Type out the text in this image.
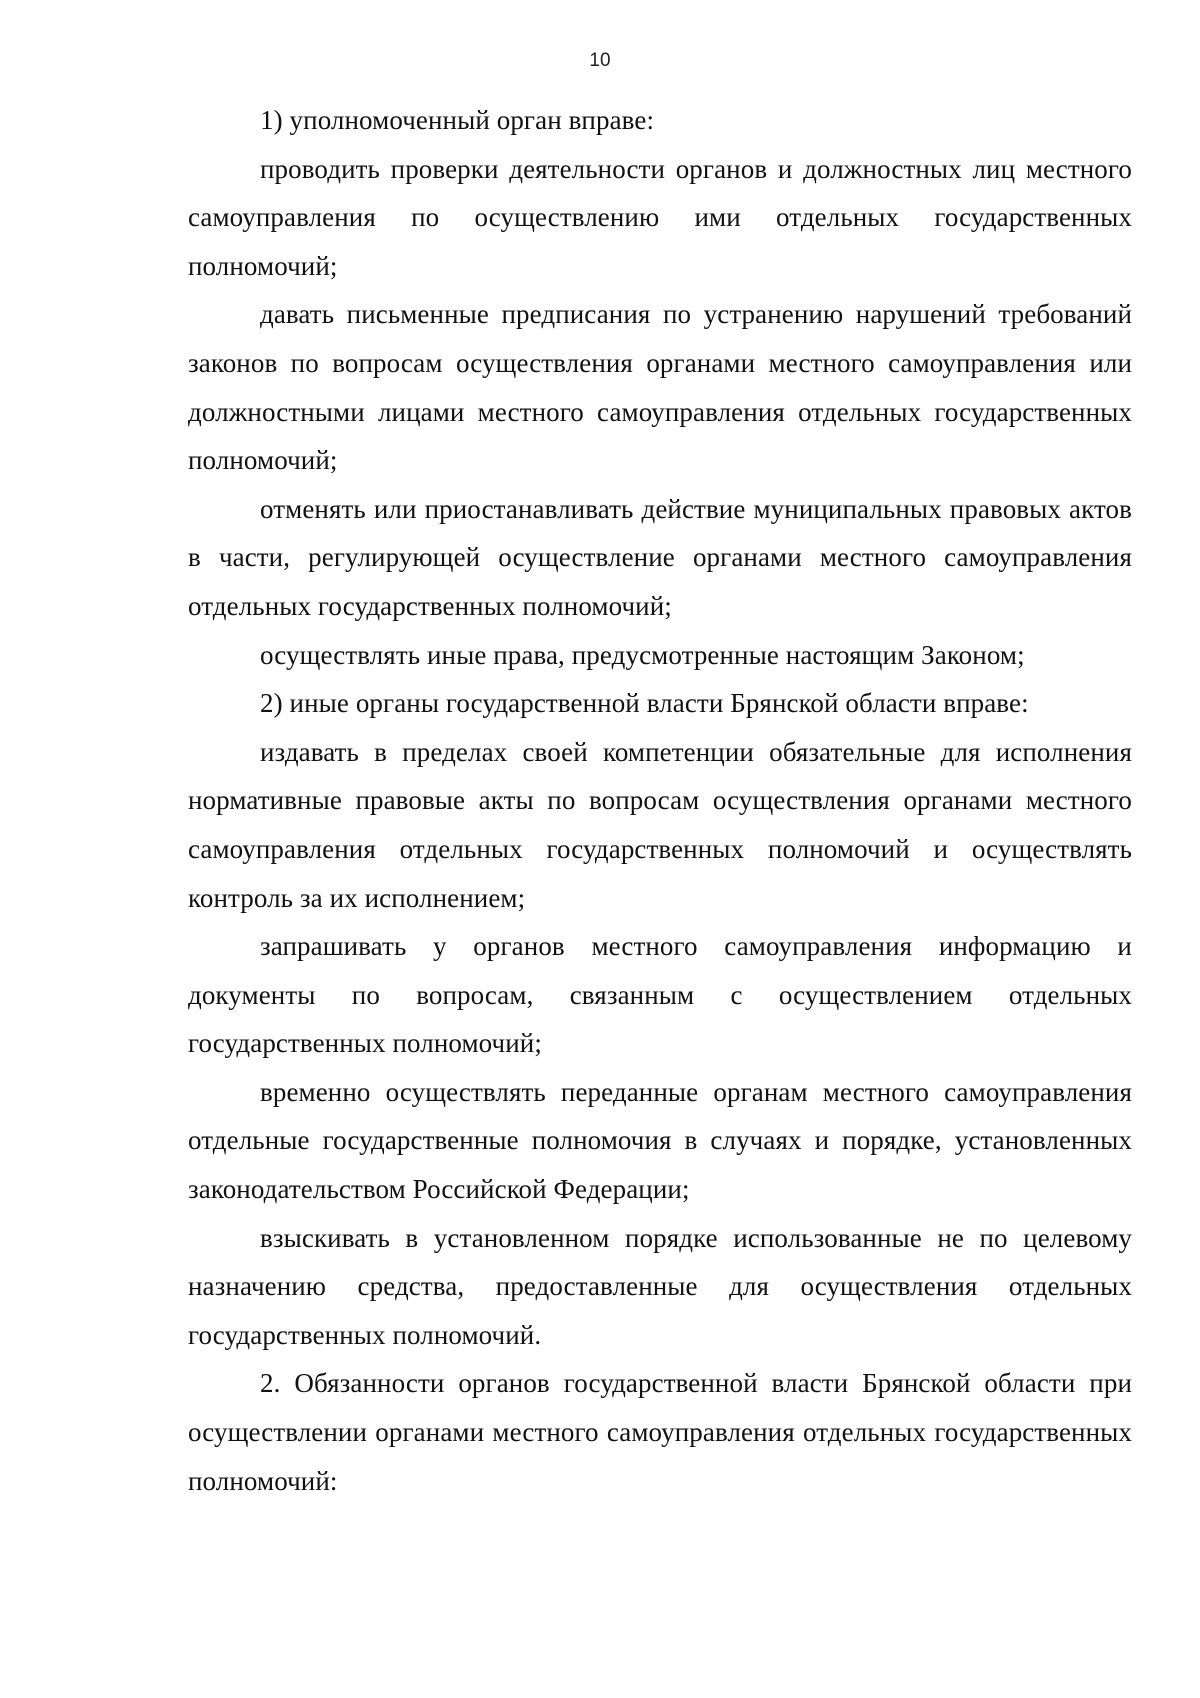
10

1) уполномоченный орган вправе:

проводить проверки деятельности органов и должностных лиц местного самоуправления по осуществлению ими отдельных государственных полномочий;

давать письменные предписания по устранению нарушений требований законов по вопросам осуществления органами местного самоуправления или должностными лицами местного самоуправления отдельных государственных полномочий;

отменять или приостанавливать действие муниципальных правовых актов в части, регулирующей осуществление органами местного самоуправления отдельных государственных полномочий;

осуществлять иные права, предусмотренные настоящим Законом;

2) иные органы государственной власти Брянской области вправе:

издавать в пределах своей компетенции обязательные для исполнения нормативные правовые акты по вопросам осуществления органами местного самоуправления отдельных государственных полномочий и осуществлять контроль за их исполнением;

запрашивать у органов местного самоуправления информацию и документы по вопросам, связанным с осуществлением отдельных государственных полномочий;

временно осуществлять переданные органам местного самоуправления отдельные государственные полномочия в случаях и порядке, установленных законодательством Российской Федерации;

взыскивать в установленном порядке использованные не по целевому назначению средства, предоставленные для осуществления отдельных государственных полномочий.

2. Обязанности органов государственной власти Брянской области при осуществлении органами местного самоуправления отдельных государственных полномочий:
